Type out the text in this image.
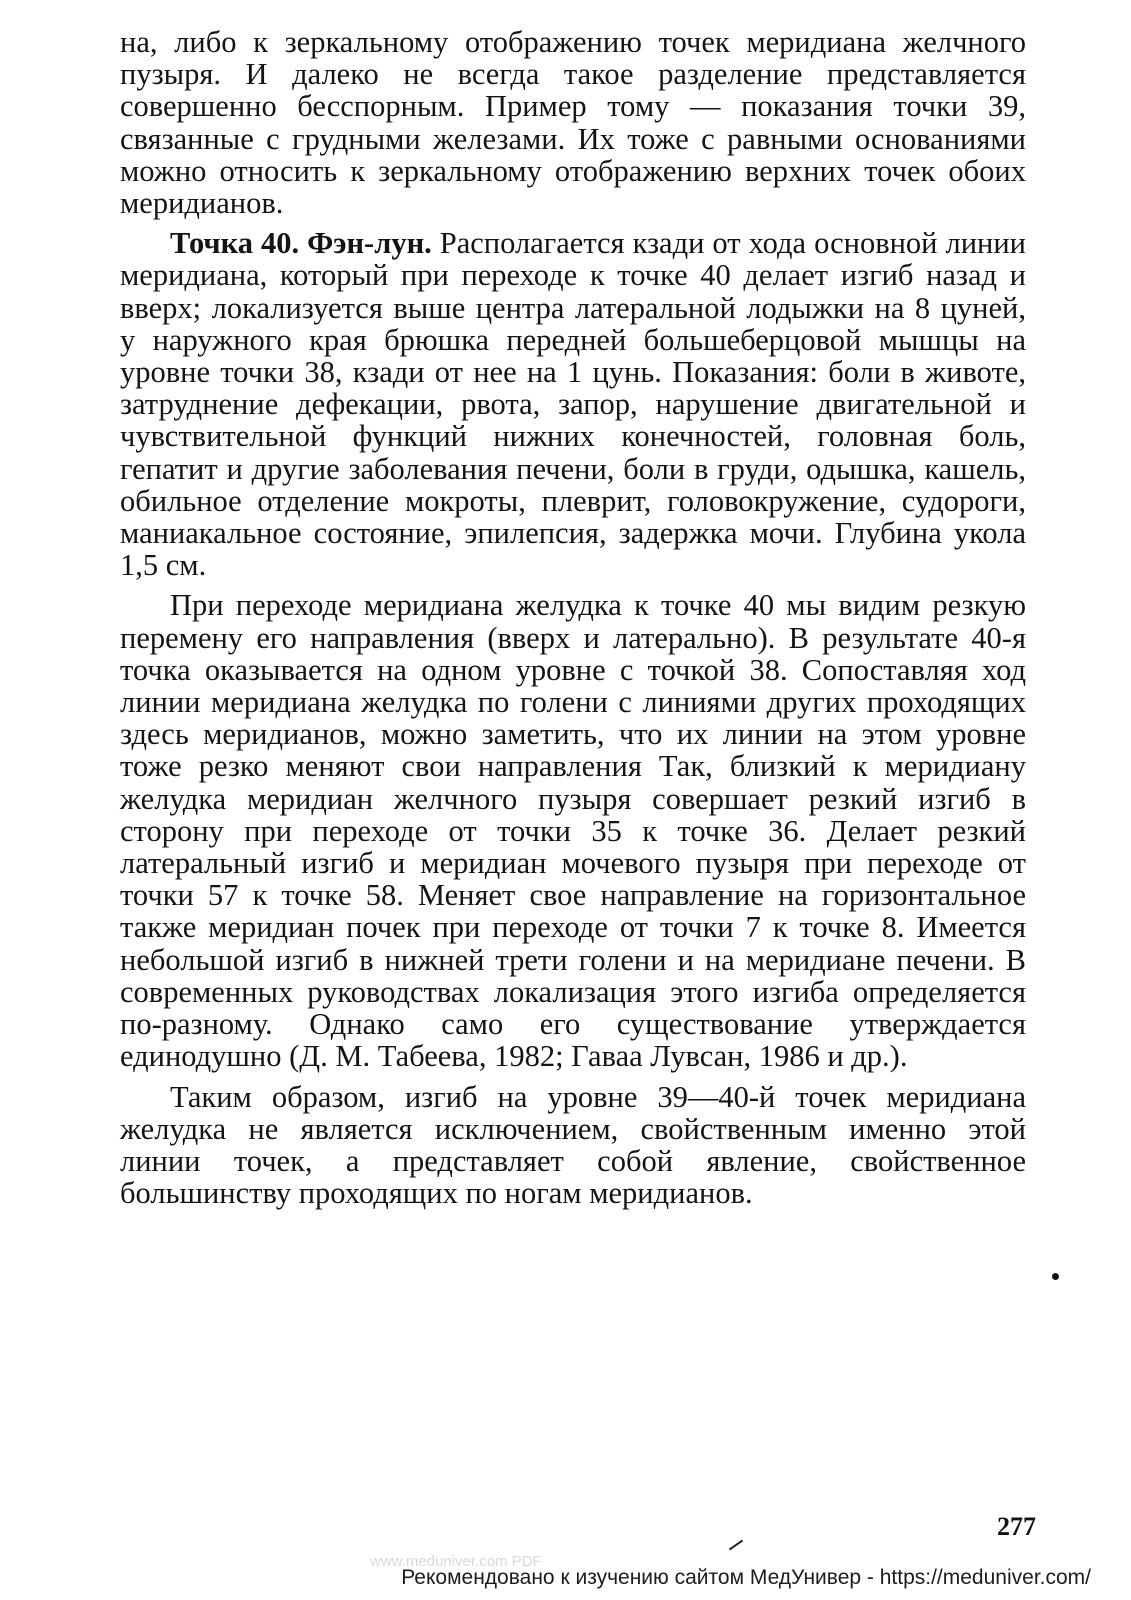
на, либо к зеркальному отображению точек меридиана желчного пузыря. И далеко не всегда такое разделение представляется совершенно бесспорным. Пример тому — показания точки 39, связанные с грудными железами. Их тоже с равными основаниями можно относить к зеркальному отображению верхних точек обоих меридианов.

Точка 40. Фэн-лун. Располагается кзади от хода основной линии меридиана, который при переходе к точке 40 делает изгиб назад и вверх; локализуется выше центра латеральной лодыжки на 8 цуней, у наружного края брюшка передней большеберцовой мышцы на уровне точки 38, кзади от нее на 1 цунь. Показания: боли в животе, затруднение дефекации, рвота, запор, нарушение двигательной и чувствительной функций нижних конечностей, головная боль, гепатит и другие заболевания печени, боли в груди, одышка, кашель, обильное отделение мокроты, плеврит, головокружение, судороги, маниакальное состояние, эпилепсия, задержка мочи. Глубина укола 1,5 см.

При переходе меридиана желудка к точке 40 мы видим резкую перемену его направления (вверх и латерально). В результате 40-я точка оказывается на одном уровне с точкой 38. Сопоставляя ход линии меридиана желудка по голени с линиями других проходящих здесь меридианов, можно заметить, что их линии на этом уровне тоже резко меняют свои направления Так, близкий к меридиану желудка меридиан желчного пузыря совершает резкий изгиб в сторону при переходе от точки 35 к точке 36. Делает резкий латеральный изгиб и меридиан мочевого пузыря при переходе от точки 57 к точке 58. Меняет свое направление на горизонтальное также меридиан почек при переходе от точки 7 к точке 8. Имеется небольшой изгиб в нижней трети голени и на меридиане печени. В современных руководствах локализация этого изгиба определяется по-разному. Однако само его существование утверждается единодушно (Д. М. Табеева, 1982; Гаваа Лувсан, 1986 и др.).

Таким образом, изгиб на уровне 39—40-й точек меридиана желудка не является исключением, свойственным именно этой линии точек, а представляет собой явление, свойственное большинству проходящих по ногам меридианов.

277
www.meduniver.com PDF
Рекомендовано к изучению сайтом МедУнивер - https://meduniver.com/
